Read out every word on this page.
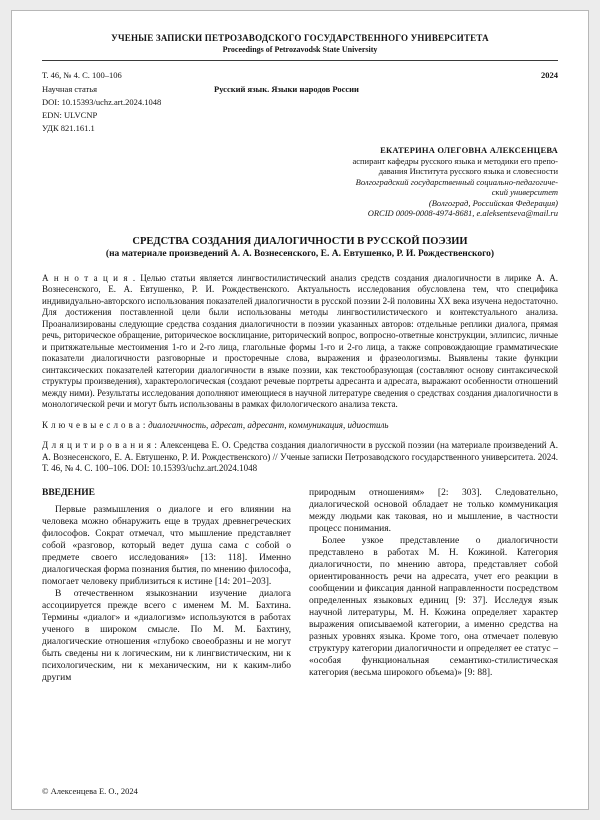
УЧЕНЫЕ ЗАПИСКИ ПЕТРОЗАВОДСКОГО ГОСУДАРСТВЕННОГО УНИВЕРСИТЕТА
Proceedings of Petrozavodsk State University
Т. 46, № 4. С. 100–106	2024
Научная статья	Русский язык. Языки народов России
DOI: 10.15393/uchz.art.2024.1048
EDN: ULVCNP
УДК 821.161.1
ЕКАТЕРИНА ОЛЕГОВНА АЛЕКСЕНЦЕВА
аспирант кафедры русского языка и методики его препо-
давания Института русского языка и словесности
Волгоградский государственный социально-педагогиче-
ский университет
(Волгоград, Российская Федерация)
ORCID 0009-0008-4974-8681, e.aleksentseva@mail.ru
СРЕДСТВА СОЗДАНИЯ ДИАЛОГИЧНОСТИ В РУССКОЙ ПОЭЗИИ
(на материале произведений А. А. Вознесенского, Е. А. Евтушенко, Р. И. Рождественского)

А н н о т а ц и я . Целью статьи является лингвостилистический анализ средств создания диалогичности в лирике А. А. Вознесенского, Е. А. Евтушенко, Р. И. Рождественского. Актуальность исследования обусловлена тем, что специфика индивидуально-авторского использования показателей диалогичности в русской поэзии 2-й половины XX века изучена недостаточно. Для достижения поставленной цели были использованы методы лингвостилистического и контекстуального анализа. Проанализированы следующие средства создания диалогичности в поэзии указанных авторов: отдельные реплики диалога, прямая речь, риторическое обращение, риторическое восклицание, риторический вопрос, вопросно-ответные конструкции, эллипсис, личные и притяжательные местоимения 1-го и 2-го лица, глагольные формы 1-го и 2-го лица, а также сопровождающие грамматические показатели диалогичности разговорные и просторечные слова, выражения и фразеологизмы. Выявлены такие функции синтаксических показателей категории диалогичности в языке поэзии, как текстообразующая (составляют основу синтаксической структуры произведения), характерологическая (создают речевые портреты адресанта и адресата, выражают особенности отношений между ними). Результаты исследования дополняют имеющиеся в научной литературе сведения о средствах создания диалогичности в монологической речи и могут быть использованы в рамках филологического анализа текста.

К л ю ч е в ы е с л о в а : диалогичность, адресат, адресант, коммуникация, идиостиль

Д л я ц и т и р о в а н и я : Алексенцева Е. О. Средства создания диалогичности в русской поэзии (на материале произведений А. А. Вознесенского, Е. А. Евтушенко, Р. И. Рождественского) // Ученые записки Петрозаводского государственного университета. 2024. Т. 46, № 4. С. 100–106. DOI: 10.15393/uchz.art.2024.1048

ВВЕДЕНИЕ

Первые размышления о диалоге и его влиянии на человека можно обнаружить еще в трудах древнегреческих философов. Сократ отмечал, что мышление представляет собой «разговор, который ведет душа сама с собой о предмете своего исследования» [13: 118]. Именно диалогическая форма познания бытия, по мнению философа, помогает человеку приблизиться к истине [14: 201–203].

В отечественном языкознании изучение диалога ассоциируется прежде всего с именем М. М. Бахтина. Термины «диалог» и «диалогизм» используются в работах ученого в широком смысле. По М. М. Бахтину, диалогические отношения «глубоко своеобразны и не могут быть сведены ни к логическим, ни к лингвистическим, ни к психологическим, ни к механическим, ни к каким-либо другим

природным отношениям» [2: 303]. Следовательно, диалогической основой обладает не только коммуникация между людьми как таковая, но и мышление, в частности процесс понимания.

Более узкое представление о диалогичности представлено в работах М. Н. Кожиной. Категория диалогичности, по мнению автора, представляет собой ориентированность речи на адресата, учет его реакции в сообщении и фиксация данной направленности посредством определенных языковых единиц [9: 37]. Исследуя язык научной литературы, М. Н. Кожина определяет характер выражения описываемой категории, а именно средства на разных уровнях языка. Кроме того, она отмечает полевую структуру категории диалогичности и определяет ее статус – «особая функциональная семантико-стилистическая категория (весьма широкого объема)» [9: 88].

© Алексенцева Е. О., 2024
